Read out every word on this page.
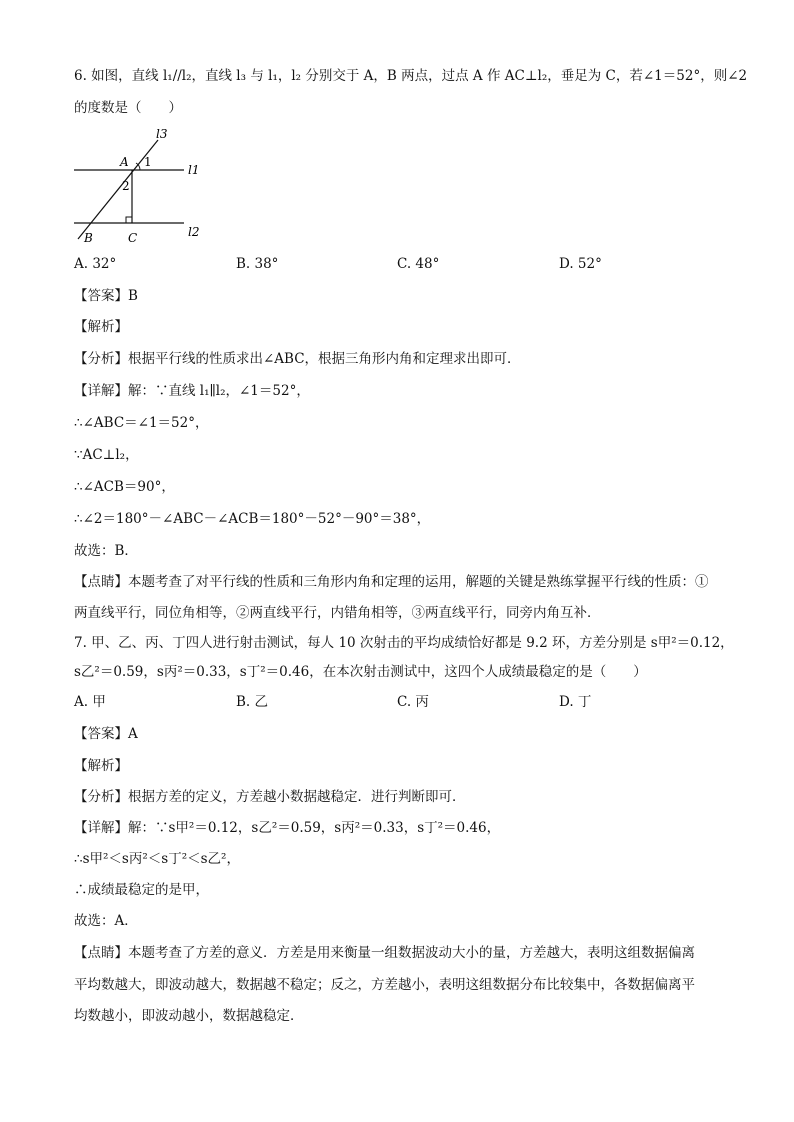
6. 如图，直线 l₁//l₂，直线 l₃ 与 l₁，l₂ 分别交于 A，B 两点，过点 A 作 AC⊥l₂，垂足为 C，若∠1＝52°，则∠2
的度数是（　　）
l3
l1
l2
A
B	C
1
2
A. 32°	B. 38°	C. 48°	D. 52°
【答案】B
【解析】
【分析】根据平行线的性质求出∠ABC，根据三角形内角和定理求出即可．
【详解】解：∵直线 l₁∥l₂，∠1＝52°，
∴∠ABC＝∠1＝52°，
∵AC⊥l₂，
∴∠ACB＝90°，
∴∠2＝180°－∠ABC－∠ACB＝180°－52°－90°＝38°，
故选：B．
【点睛】本题考查了对平行线的性质和三角形内角和定理的运用，解题的关键是熟练掌握平行线的性质：①
两直线平行，同位角相等，②两直线平行，内错角相等，③两直线平行，同旁内角互补．
7. 甲、乙、丙、丁四人进行射击测试，每人 10 次射击的平均成绩恰好都是 9.2 环，方差分别是 s甲²＝0.12，
s乙²＝0.59，s丙²＝0.33，s丁²＝0.46，在本次射击测试中，这四个人成绩最稳定的是（　　）
A. 甲	B. 乙	C. 丙	D. 丁
【答案】A
【解析】
【分析】根据方差的定义，方差越小数据越稳定．进行判断即可．
【详解】解：∵s甲²＝0.12，s乙²＝0.59，s丙²＝0.33，s丁²＝0.46，
∴s甲²＜s丙²＜s丁²＜s乙²，
∴成绩最稳定的是甲，
故选：A．
【点睛】本题考查了方差的意义．方差是用来衡量一组数据波动大小的量，方差越大，表明这组数据偏离
平均数越大，即波动越大，数据越不稳定；反之，方差越小，表明这组数据分布比较集中，各数据偏离平
均数越小，即波动越小，数据越稳定．
